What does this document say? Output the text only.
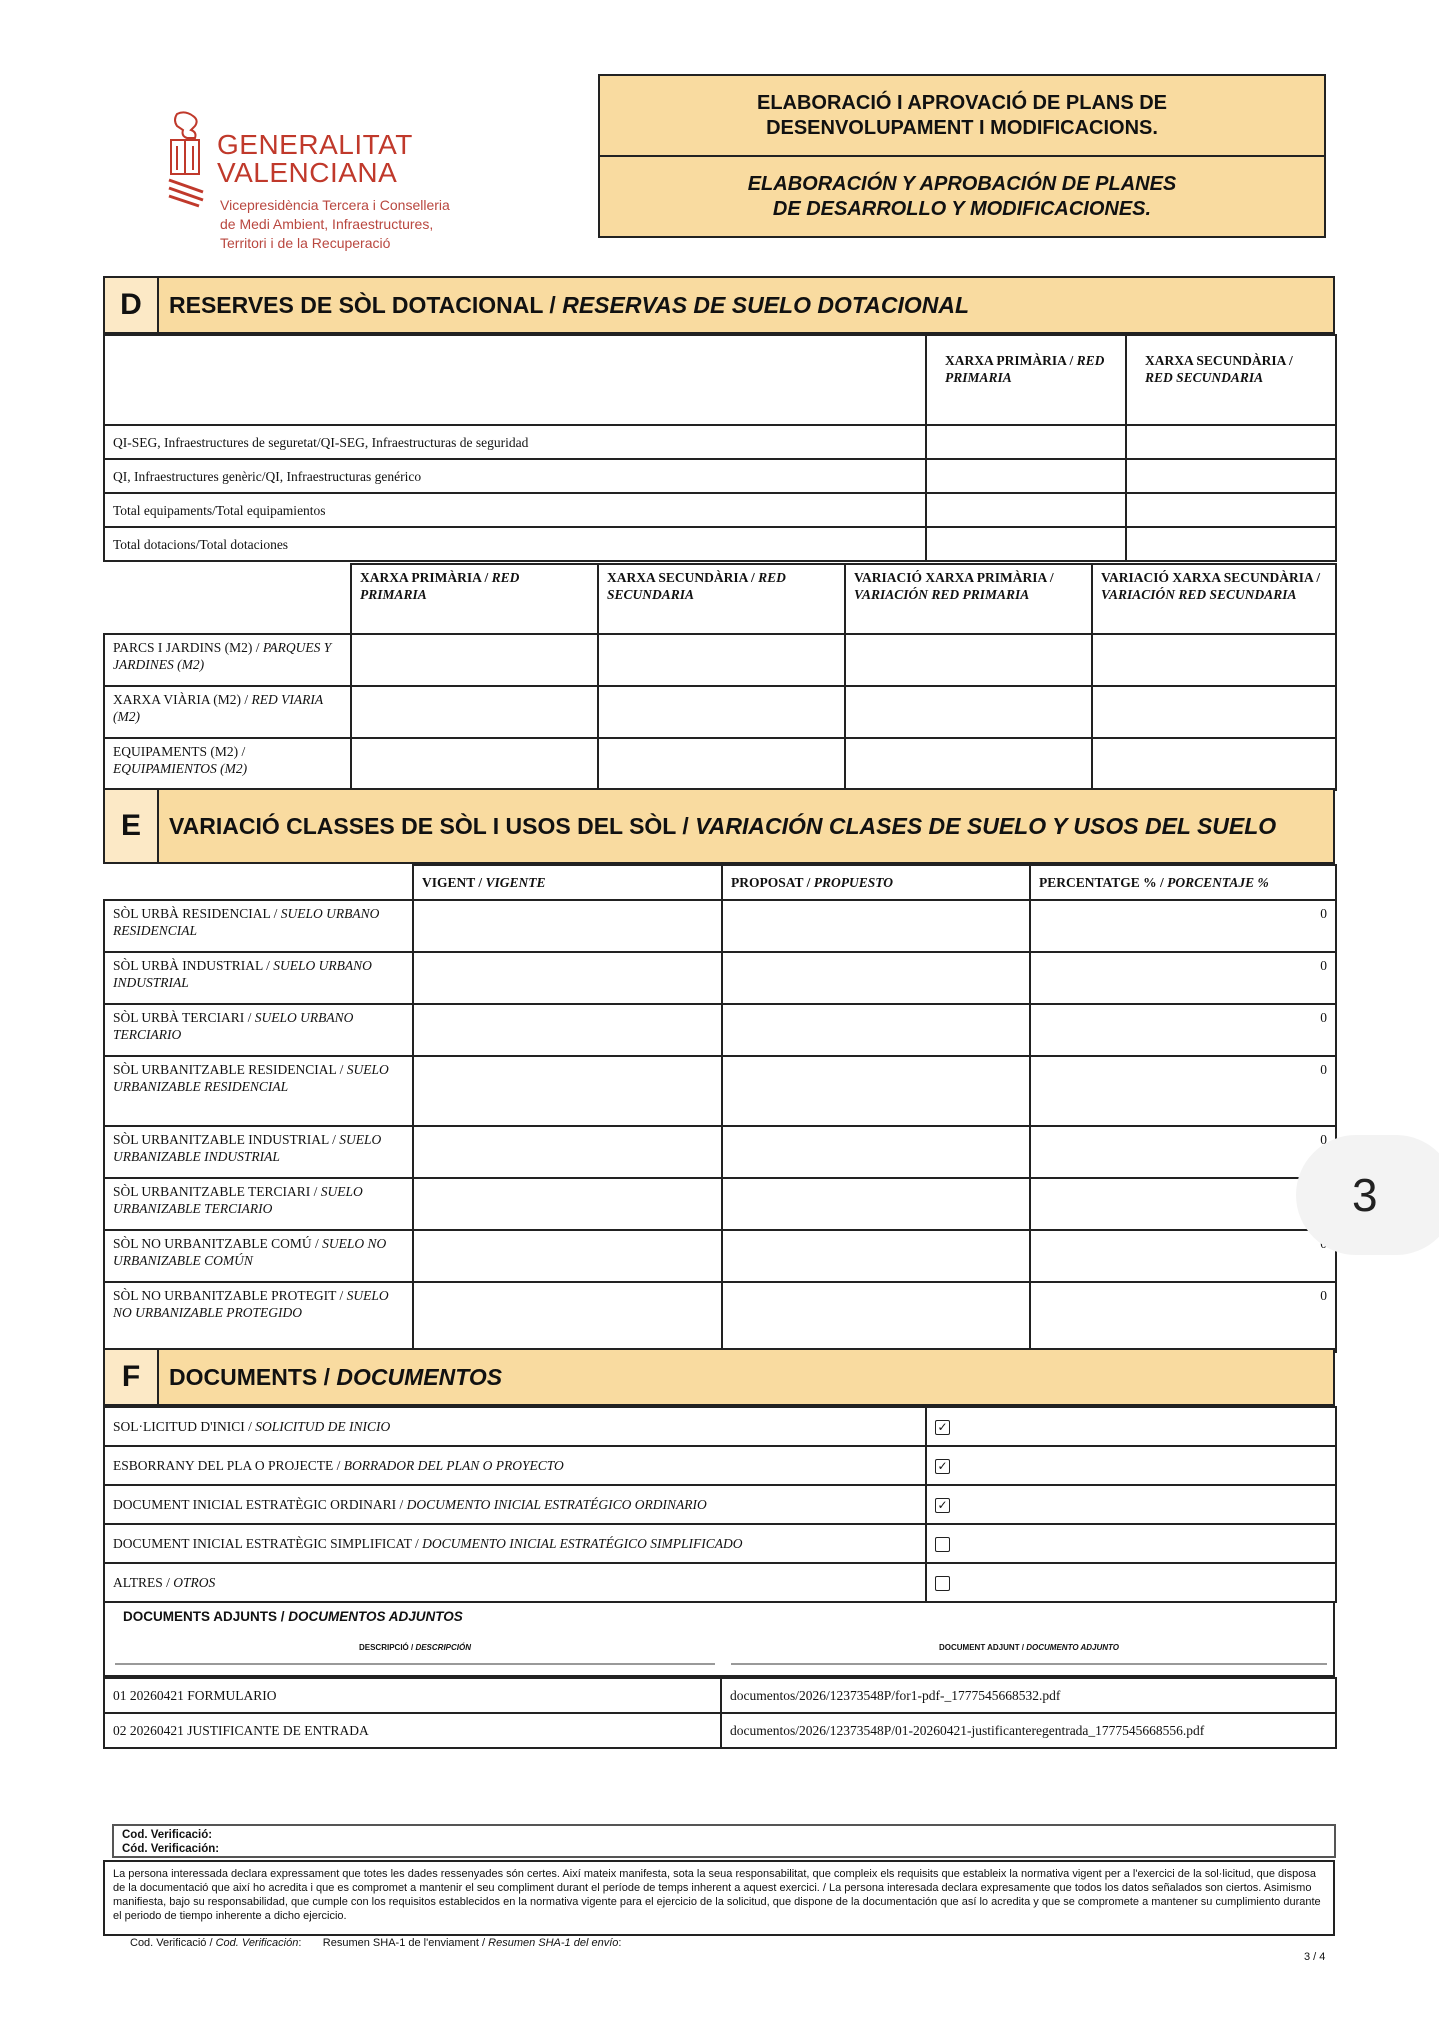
GENERALITAT
VALENCIANA
Vicepresidència Tercera i Conselleria
de Medi Ambient, Infraestructures,
Territori i de la Recuperació
ELABORACIÓ I APROVACIÓ DE PLANS DE
DESENVOLUPAMENT I MODIFICACIONS.
ELABORACIÓN Y APROBACIÓN DE PLANES
DE DESARROLLO Y MODIFICACIONES.
D	RESERVES DE SÒL DOTACIONAL / RESERVAS DE SUELO DOTACIONAL
	XARXA PRIMÀRIA / RED PRIMARIA	XARXA SECUNDÀRIA / RED SECUNDARIA
QI-SEG, Infraestructures de seguretat/QI-SEG, Infraestructuras de seguridad		
QI, Infraestructures genèric/QI, Infraestructuras genérico		
Total equipaments/Total equipamientos		
Total dotacions/Total dotaciones		
	XARXA PRIMÀRIA / RED PRIMARIA	XARXA SECUNDÀRIA / RED SECUNDARIA	VARIACIÓ XARXA PRIMÀRIA / VARIACIÓN RED PRIMARIA	VARIACIÓ XARXA SECUNDÀRIA / VARIACIÓN RED SECUNDARIA
PARCS I JARDINS (M2) / PARQUES Y JARDINES (M2)				
XARXA VIÀRIA (M2) / RED VIARIA (M2)				
EQUIPAMENTS (M2) / EQUIPAMIENTOS (M2)				
E	VARIACIÓ CLASSES DE SÒL I USOS DEL SÒL / VARIACIÓN CLASES DE SUELO Y USOS DEL SUELO
	VIGENT / VIGENTE	PROPOSAT / PROPUESTO	PERCENTATGE % / PORCENTAJE %
SÒL URBÀ RESIDENCIAL / SUELO URBANO RESIDENCIAL			0
SÒL URBÀ INDUSTRIAL / SUELO URBANO INDUSTRIAL			0
SÒL URBÀ TERCIARI / SUELO URBANO TERCIARIO			0
SÒL URBANITZABLE RESIDENCIAL / SUELO URBANIZABLE RESIDENCIAL			0
SÒL URBANITZABLE INDUSTRIAL / SUELO URBANIZABLE INDUSTRIAL			0
SÒL URBANITZABLE TERCIARI / SUELO URBANIZABLE TERCIARIO			
SÒL NO URBANITZABLE COMÚ / SUELO NO URBANIZABLE COMÚN			
SÒL NO URBANITZABLE PROTEGIT / SUELO NO URBANIZABLE PROTEGIDO			0
3
F	DOCUMENTS / DOCUMENTOS
SOL·LICITUD D'INICI / SOLICITUD DE INICIO	✓
ESBORRANY DEL PLA O PROJECTE / BORRADOR DEL PLAN O PROYECTO	✓
DOCUMENT INICIAL ESTRATÈGIC ORDINARI / DOCUMENTO INICIAL ESTRATÉGICO ORDINARIO	✓
DOCUMENT INICIAL ESTRATÈGIC SIMPLIFICAT / DOCUMENTO INICIAL ESTRATÉGICO SIMPLIFICADO	
ALTRES / OTROS	
DOCUMENTS ADJUNTS / DOCUMENTOS ADJUNTOS
DESCRIPCIÓ / DESCRIPCIÓN	DOCUMENT ADJUNT / DOCUMENTO ADJUNTO
01 20260421 FORMULARIO	documentos/2026/12373548P/for1-pdf-_1777545668532.pdf
02 20260421 JUSTIFICANTE DE ENTRADA	documentos/2026/12373548P/01-20260421-justificanteregentrada_1777545668556.pdf
Cod. Verificació:
Cód. Verificación:
La persona interessada declara expressament que totes les dades ressenyades són certes. Així mateix manifesta, sota la seua responsabilitat, que compleix els requisits que estableix la normativa vigent per a l'exercici de la sol·licitud, que disposa de la documentació que així ho acredita i que es compromet a mantenir el seu compliment durant el període de temps inherent a aquest exercici. / La persona interesada declara expresamente que todos los datos señalados son ciertos. Asimismo manifiesta, bajo su responsabilidad, que cumple con los requisitos establecidos en la normativa vigente para el ejercicio de la solicitud, que dispone de la documentación que así lo acredita y que se compromete a mantener su cumplimiento durante el periodo de tiempo inherente a dicho ejercicio.
Cod. Verificació / Cod. Verificación:       Resumen SHA-1 de l'enviament / Resumen SHA-1 del envío:
3 / 4
